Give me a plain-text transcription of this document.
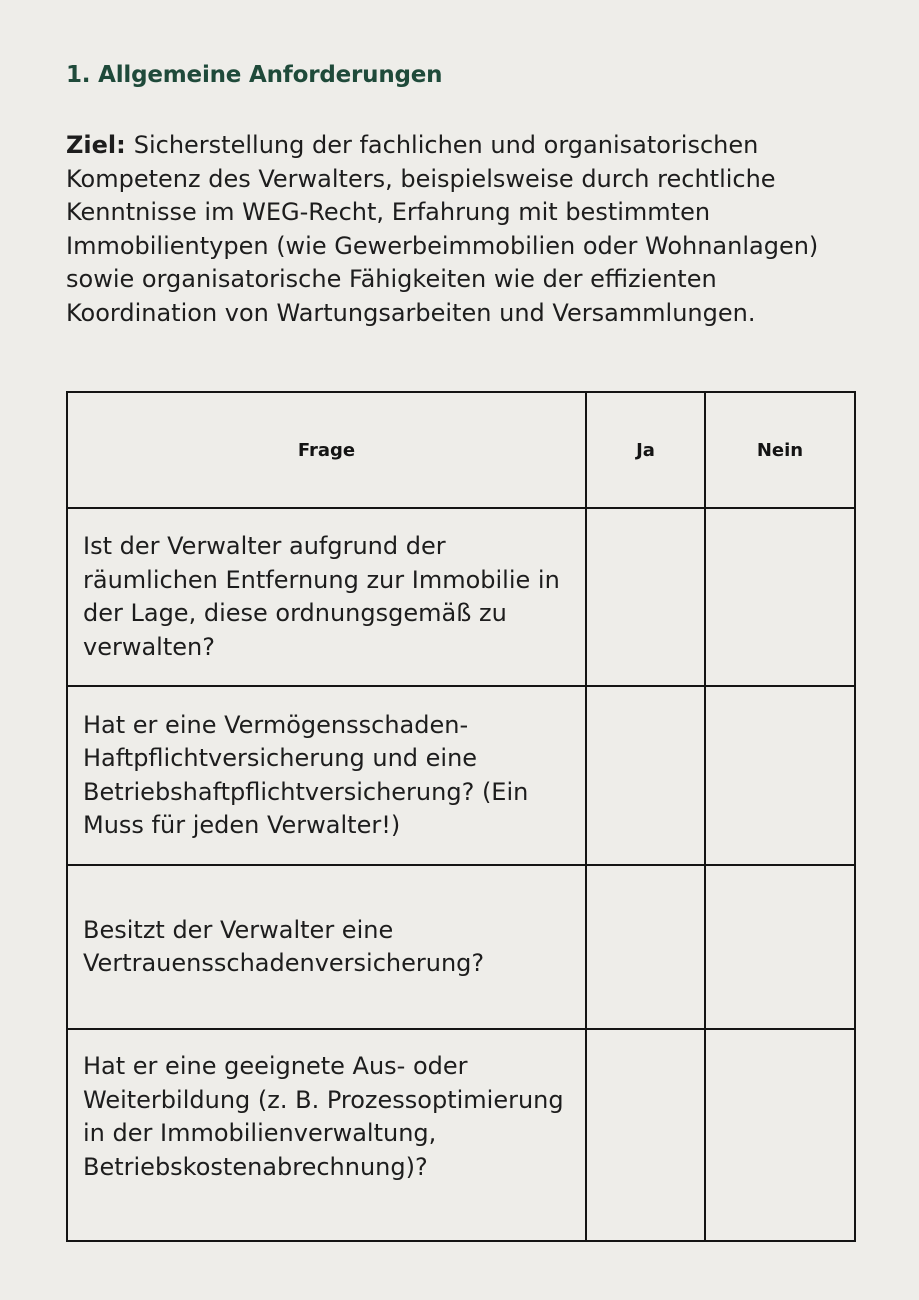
1. Allgemeine Anforderungen

Ziel: Sicherstellung der fachlichen und organisatorischen Kompetenz des Verwalters, beispielsweise durch rechtliche Kenntnisse im WEG-Recht, Erfahrung mit bestimmten Immobilientypen (wie Gewerbeimmobilien oder Wohnanlagen) sowie organisatorische Fähigkeiten wie der effizienten Koordination von Wartungsarbeiten und Versammlungen.

Frage	Ja	Nein
Ist der Verwalter aufgrund der räumlichen Entfernung zur Immobilie in der Lage, diese ordnungsgemäß zu verwalten?		
Hat er eine Vermögensschaden-Haftpflichtversicherung und eine Betriebshaftpflichtversicherung? (Ein Muss für jeden Verwalter!)		
Besitzt der Verwalter eine Vertrauensschadenversicherung?		
Hat er eine geeignete Aus- oder Weiterbildung (z. B. Prozessoptimierung in der Immobilienverwaltung, Betriebskostenabrechnung)?		
